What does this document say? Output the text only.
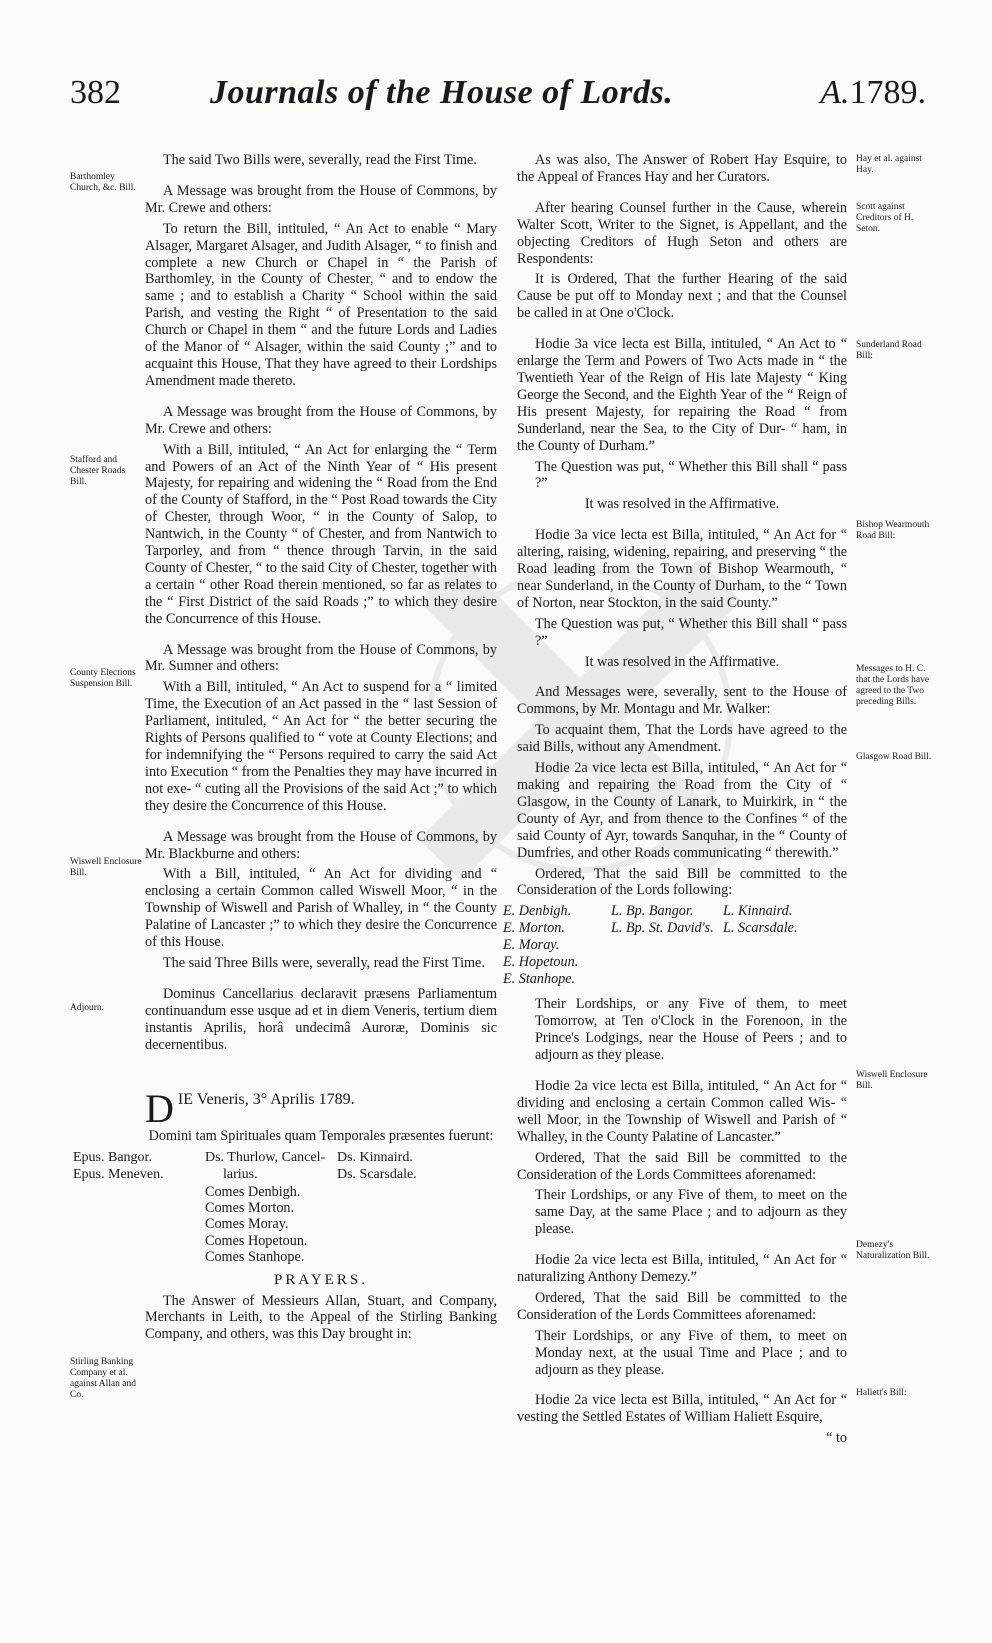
382	Journals of the House of Lords.	A.1789.
Barthomley Church, &c. Bill.
Stafford and Chester Roads Bill.
County Elections Suspension Bill.
Wiswell Enclosure Bill.
Adjourn.
Stirling Banking Company et al. against Allan and Co.

The said Two Bills were, severally, read the First Time.

A Message was brought from the House of Commons, by Mr. Crewe and others:

To return the Bill, intituled, “ An Act to enable “ Mary Alsager, Margaret Alsager, and Judith Alsager, “ to finish and complete a new Church or Chapel in “ the Parish of Barthomley, in the County of Chester, “ and to endow the same ; and to establish a Charity “ School within the said Parish, and vesting the Right “ of Presentation to the said Church or Chapel in them “ and the future Lords and Ladies of the Manor of “ Alsager, within the said County ;” and to acquaint this House, That they have agreed to their Lordships Amendment made thereto.

A Message was brought from the House of Commons, by Mr. Crewe and others:

With a Bill, intituled, “ An Act for enlarging the “ Term and Powers of an Act of the Ninth Year of “ His present Majesty, for repairing and widening the “ Road from the End of the County of Stafford, in the “ Post Road towards the City of Chester, through Woor, “ in the County of Salop, to Nantwich, in the County “ of Chester, and from Nantwich to Tarporley, and from “ thence through Tarvin, in the said County of Chester, “ to the said City of Chester, together with a certain “ other Road therein mentioned, so far as relates to the “ First District of the said Roads ;” to which they desire the Concurrence of this House.

A Message was brought from the House of Commons, by Mr. Sumner and others:

With a Bill, intituled, “ An Act to suspend for a “ limited Time, the Execution of an Act passed in the “ last Session of Parliament, intituled, “ An Act for “ the better securing the Rights of Persons qualified to “ vote at County Elections; and for indemnifying the “ Persons required to carry the said Act into Execution “ from the Penalties they may have incurred in not exe- “ cuting all the Provisions of the said Act ;” to which they desire the Concurrence of this House.

A Message was brought from the House of Commons, by Mr. Blackburne and others:

With a Bill, intituled, “ An Act for dividing and “ enclosing a certain Common called Wiswell Moor, “ in the Township of Wiswell and Parish of Whalley, in “ the County Palatine of Lancaster ;” to which they desire the Concurrence of this House.

The said Three Bills were, severally, read the First Time.

Dominus Cancellarius declaravit præsens Parliamentum continuandum esse usque ad et in diem Veneris, tertium diem instantis Aprilis, horâ undecimâ Auroræ, Dominis sic decernentibus.

D IE Veneris, 3° Aprilis 1789.

Domini tam Spirituales quam Temporales præsentes fuerunt:

Epus. Bangor.
Epus. Meneven.
Ds. Thurlow, Cancel-
larius.
Ds. Kinnaird.
Ds. Scarsdale.
Comes Denbigh.
Comes Morton.
Comes Moray.
Comes Hopetoun.
Comes Stanhope.
PRAYERS.

The Answer of Messieurs Allan, Stuart, and Company, Merchants in Leith, to the Appeal of the Stirling Banking Company, and others, was this Day brought in:

Hay et al. against Hay.
Scott against Creditors of H. Seton.
Sunderland Road Bill:
Bishop Wearmouth Road Bill:
Messages to H. C. that the Lords have agreed to the Two preceding Bills.
Glasgow Road Bill.
Wiswell Enclosure Bill.
Demezy's Naturalization Bill.
Haliett's Bill:

As was also, The Answer of Robert Hay Esquire, to the Appeal of Frances Hay and her Curators.

After hearing Counsel further in the Cause, wherein Walter Scott, Writer to the Signet, is Appellant, and the objecting Creditors of Hugh Seton and others are Respondents:

It is Ordered, That the further Hearing of the said Cause be put off to Monday next ; and that the Counsel be called in at One o'Clock.

Hodie 3a vice lecta est Billa, intituled, “ An Act to “ enlarge the Term and Powers of Two Acts made in “ the Twentieth Year of the Reign of His late Majesty “ King George the Second, and the Eighth Year of the “ Reign of His present Majesty, for repairing the Road “ from Sunderland, near the Sea, to the City of Dur- “ ham, in the County of Durham.”

The Question was put, “ Whether this Bill shall “ pass ?”

It was resolved in the Affirmative.

Hodie 3a vice lecta est Billa, intituled, “ An Act for “ altering, raising, widening, repairing, and preserving “ the Road leading from the Town of Bishop Wearmouth, “ near Sunderland, in the County of Durham, to the “ Town of Norton, near Stockton, in the said County.”

The Question was put, “ Whether this Bill shall “ pass ?”

It was resolved in the Affirmative.

And Messages were, severally, sent to the House of Commons, by Mr. Montagu and Mr. Walker:

To acquaint them, That the Lords have agreed to the said Bills, without any Amendment.

Hodie 2a vice lecta est Billa, intituled, “ An Act for “ making and repairing the Road from the City of “ Glasgow, in the County of Lanark, to Muirkirk, in “ the County of Ayr, and from thence to the Confines “ of the said County of Ayr, towards Sanquhar, in the “ County of Dumfries, and other Roads communicating “ therewith.”

Ordered, That the said Bill be committed to the Consideration of the Lords following:

E. Denbigh.
E. Morton.
E. Moray.
E. Hopetoun.
E. Stanhope.
L. Bp. Bangor.
L. Bp. St. David's.
L. Kinnaird.
L. Scarsdale.

Their Lordships, or any Five of them, to meet Tomorrow, at Ten o'Clock in the Forenoon, in the Prince's Lodgings, near the House of Peers ; and to adjourn as they please.

Hodie 2a vice lecta est Billa, intituled, “ An Act for “ dividing and enclosing a certain Common called Wis- “ well Moor, in the Township of Wiswell and Parish of “ Whalley, in the County Palatine of Lancaster.”

Ordered, That the said Bill be committed to the Consideration of the Lords Committees aforenamed:

Their Lordships, or any Five of them, to meet on the same Day, at the same Place ; and to adjourn as they please.

Hodie 2a vice lecta est Billa, intituled, “ An Act for “ naturalizing Anthony Demezy.”

Ordered, That the said Bill be committed to the Consideration of the Lords Committees aforenamed:

Their Lordships, or any Five of them, to meet on Monday next, at the usual Time and Place ; and to adjourn as they please.

Hodie 2a vice lecta est Billa, intituled, “ An Act for “ vesting the Settled Estates of William Haliett Esquire,

“ to
